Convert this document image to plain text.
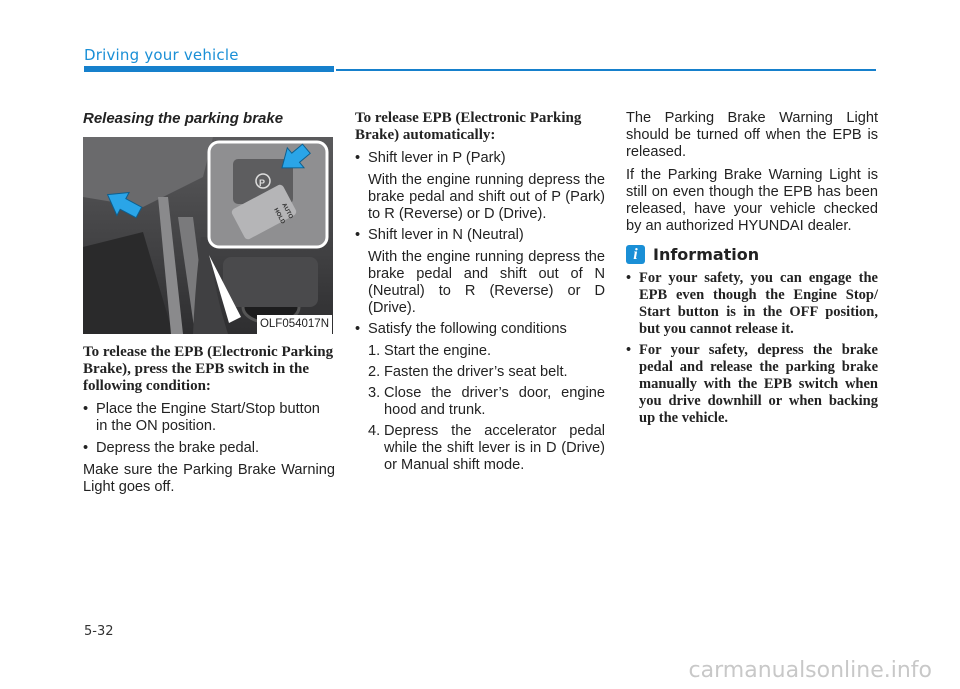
Driving your vehicle
Releasing the parking brake
P
AUTO
HOLD
OLF054017N
To release the EPB (Electronic Parking Brake), press the EPB switch in the following condition:
• Place the Engine Start/Stop button in the ON position.
• Depress the brake pedal.

Make sure the Parking Brake Warning Light goes off.

To release EPB (Electronic Parking Brake) automatically:
• Shift lever in P (Park)
With the engine running depress the brake pedal and shift out of P (Park) to R (Reverse) or D (Drive).
• Shift lever in N (Neutral)
With the engine running depress the brake pedal and shift out of N (Neutral) to R (Reverse) or D (Drive).
• Satisfy the following conditions
1. Start the engine.
2. Fasten the driver’s seat belt.
3. Close the driver’s door, engine hood and trunk.
4. Depress the accelerator pedal while the shift lever is in D (Drive) or Manual shift mode.

The Parking Brake Warning Light should be turned off when the EPB is released.

If the Parking Brake Warning Light is still on even though the EPB has been released, have your vehicle checked by an authorized HYUNDAI dealer.

i Information
• For your safety, you can engage the EPB even though the Engine Stop/ Start button is in the OFF position, but you cannot release it.
• For your safety, depress the brake pedal and release the parking brake manually with the EPB switch when you drive downhill or when backing up the vehicle.
5-32
carmanualsonline.info
